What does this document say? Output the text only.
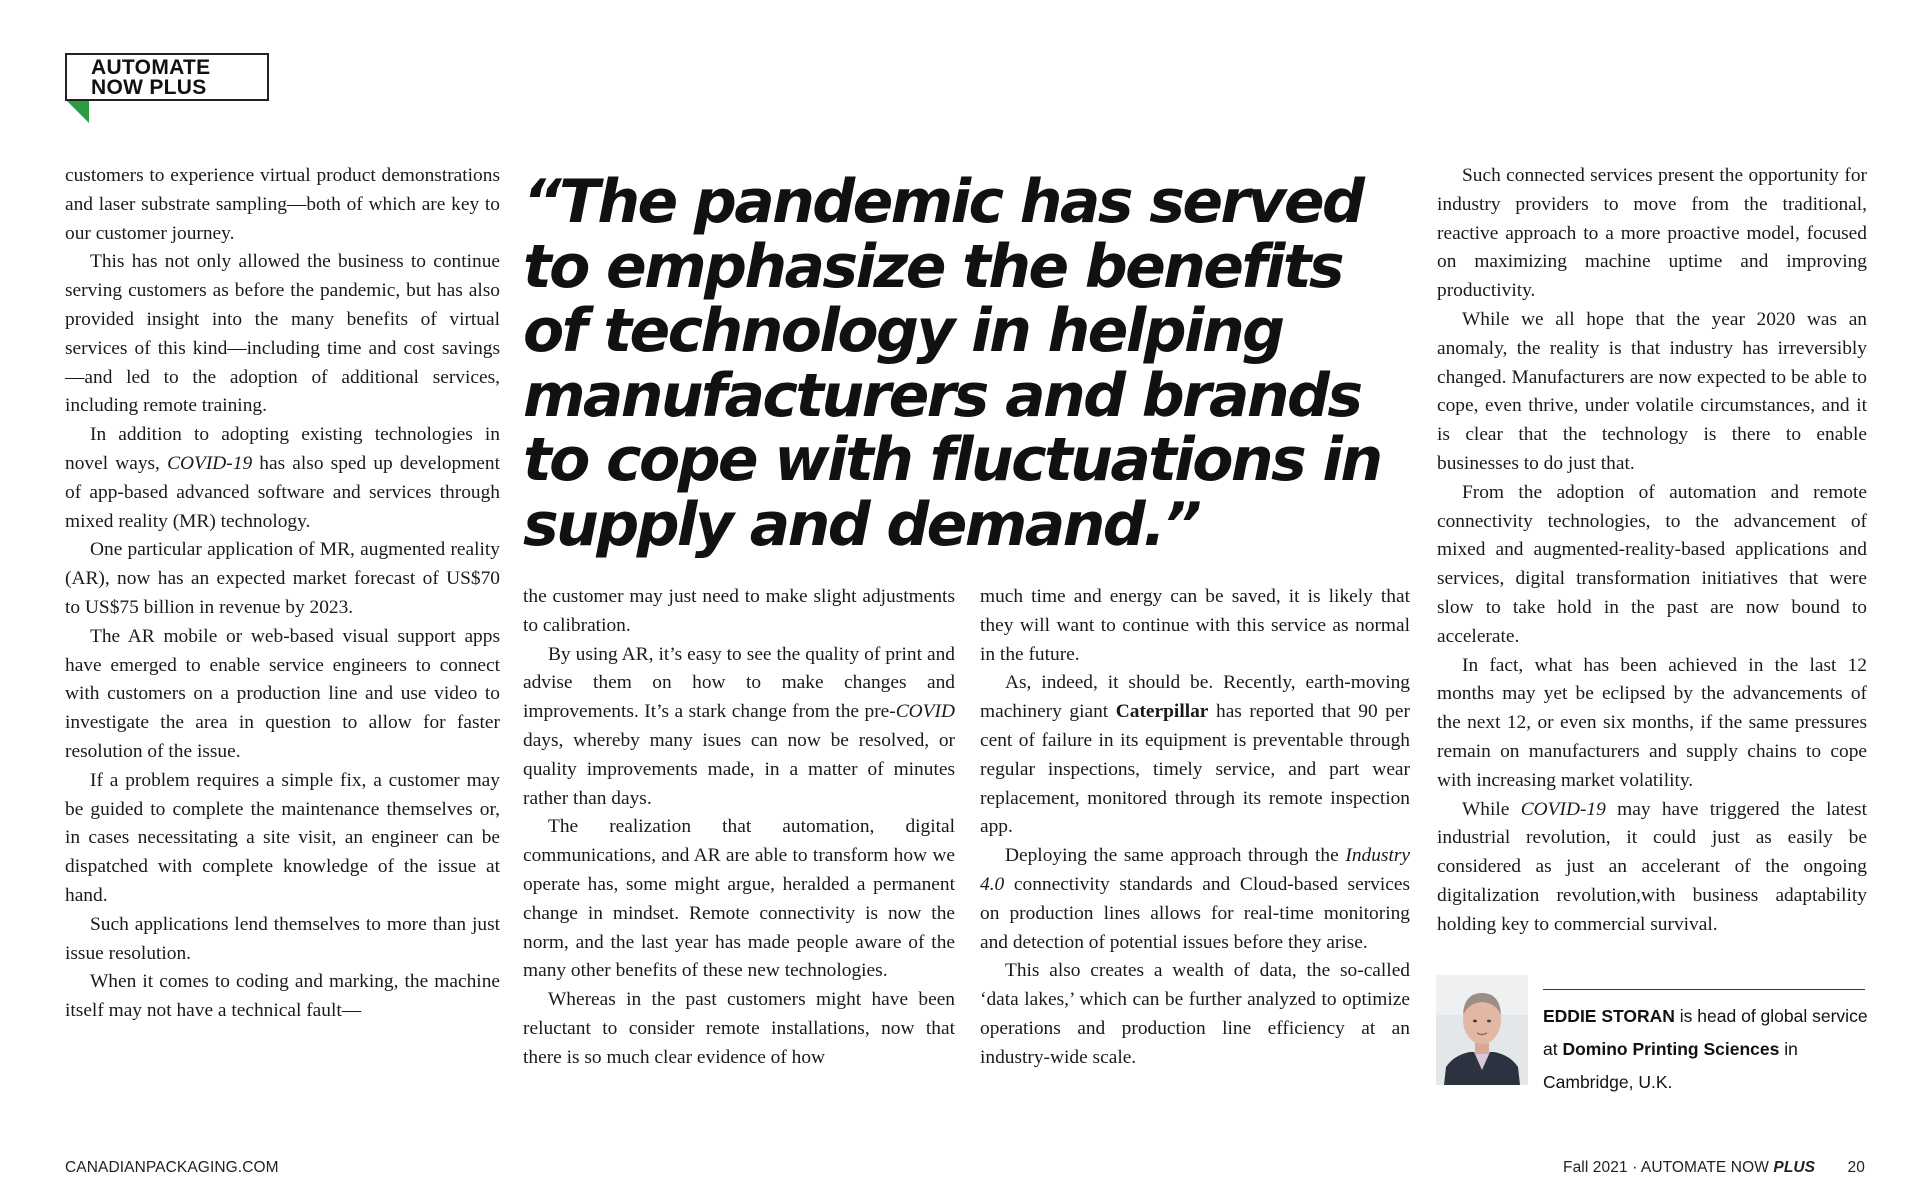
AUTOMATE
NOW PLUS

customers to experience virtual product demonstrations and laser substrate sampling—both of which are key to our customer journey.

This has not only allowed the business to continue serving customers as before the pandemic, but has also provided insight into the many benefits of virtual services of this kind—including time and cost savings—and led to the adoption of additional services, including remote training.

In addition to adopting existing technologies in novel ways, COVID-19 has also sped up development of app-based advanced software and services through mixed reality (MR) technology.

One particular application of MR, augmented reality (AR), now has an expected market forecast of US$70 to US$75 billion in revenue by 2023.

The AR mobile or web-based visual support apps have emerged to enable service engineers to connect with customers on a production line and use video to investigate the area in question to allow for faster resolution of the issue.

If a problem requires a simple fix, a customer may be guided to complete the maintenance themselves or, in cases necessitating a site visit, an engineer can be dispatched with complete knowledge of the issue at hand.

Such applications lend themselves to more than just issue resolution.

When it comes to coding and marking, the machine itself may not have a technical fault—

“The pandemic has served to emphasize the benefits of technology in helping manufacturers and brands to cope with fluctuations in supply and demand.”

the customer may just need to make slight adjustments to calibration.

By using AR, it’s easy to see the quality of print and advise them on how to make changes and improvements. It’s a stark change from the pre-COVID days, whereby many isues can now be resolved, or quality improvements made, in a matter of minutes rather than days.

The realization that automation, digital communications, and AR are able to transform how we operate has, some might argue, heralded a permanent change in mindset. Remote connectivity is now the norm, and the last year has made people aware of the many other benefits of these new technologies.

Whereas in the past customers might have been reluctant to consider remote installations, now that there is so much clear evidence of how

much time and energy can be saved, it is likely that they will want to continue with this service as normal in the future.

As, indeed, it should be. Recently, earth-moving machinery giant Caterpillar has reported that 90 per cent of failure in its equipment is preventable through regular inspections, timely service, and part wear replacement, monitored through its remote inspection app.

Deploying the same approach through the Industry 4.0 connectivity standards and Cloud-based services on production lines allows for real-time monitoring and detection of potential issues before they arise.

This also creates a wealth of data, the so-called ‘data lakes,’ which can be further analyzed to optimize operations and production line efficiency at an industry-wide scale.

Such connected services present the opportunity for industry providers to move from the traditional, reactive approach to a more proactive model, focused on maximizing machine uptime and improving productivity.

While we all hope that the year 2020 was an anomaly, the reality is that industry has irreversibly changed. Manufacturers are now expected to be able to cope, even thrive, under volatile circumstances, and it is clear that the technology is there to enable businesses to do just that.

From the adoption of automation and remote connectivity technologies, to the advancement of mixed and augmented-reality-based applications and services, digital transformation initiatives that were slow to take hold in the past are now bound to accelerate.

In fact, what has been achieved in the last 12 months may yet be eclipsed by the advancements of the next 12, or even six months, if the same pressures remain on manufacturers and supply chains to cope with increasing market volatility.

While COVID-19 may have triggered the latest industrial revolution, it could just as easily be considered as just an accelerant of the ongoing digitalization revolution,with business adaptability holding key to commercial survival.

EDDIE STORAN is head of global service at Domino Printing Sciences in Cambridge, U.K.
CANADIANPACKAGING.COM	Fall 2021 · AUTOMATE NOW PLUS 20
